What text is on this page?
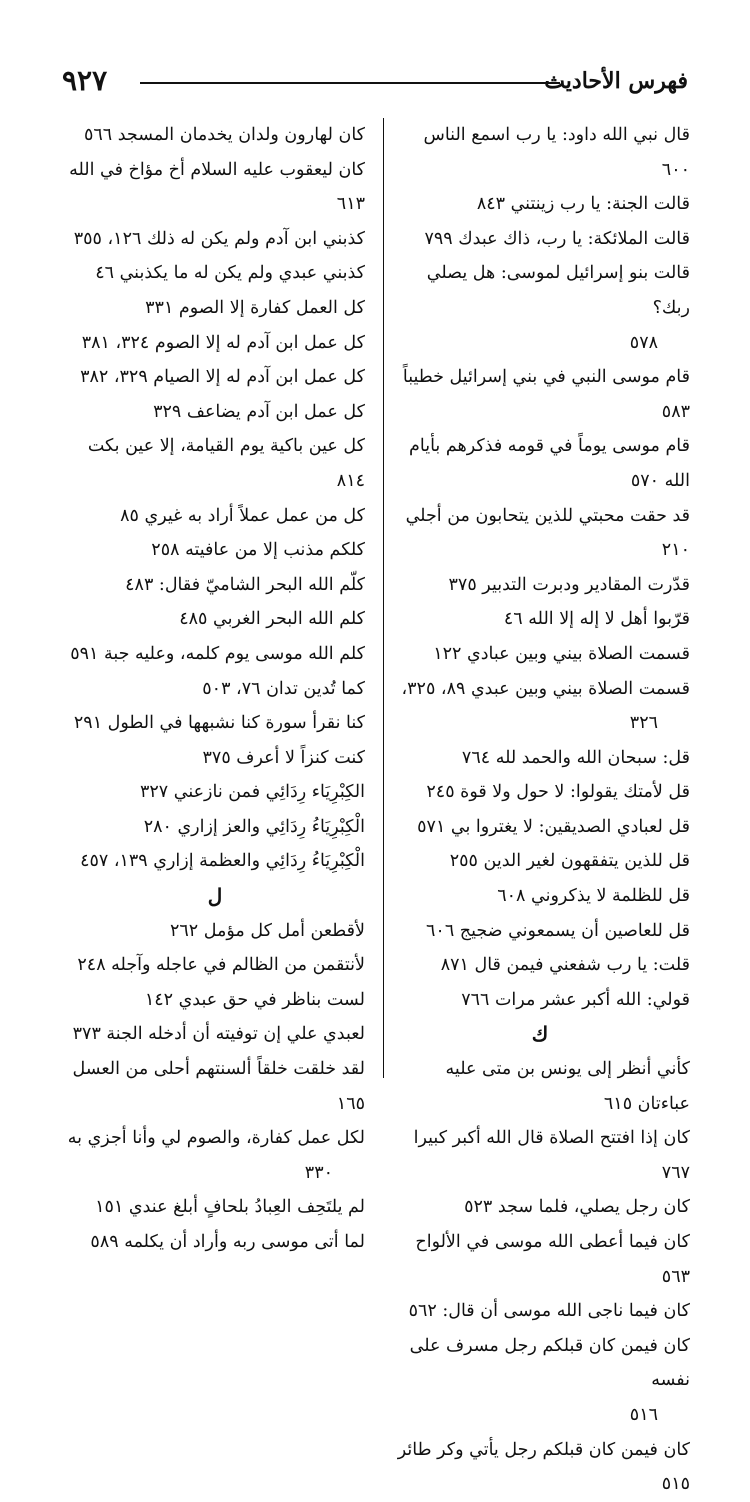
فهرس الأحاديث
٩٢٧
قال نبي الله داود: يا رب اسمع الناس ٦٠٠
قالت الجنة: يا رب زينتني ٨٤٣
قالت الملائكة: يا رب، ذاك عبدك ٧٩٩
قالت بنو إسرائيل لموسى: هل يصلي ربك؟
٥٧٨
قام موسى النبي في بني إسرائيل خطيباً ٥٨٣
قام موسى يوماً في قومه فذكرهم بأيام الله ٥٧٠
قد حقت محبتي للذين يتحابون من أجلي ٢١٠
قدّرت المقادير ودبرت التدبير ٣٧٥
قرّبوا أهل لا إله إلا الله ٤٦
قسمت الصلاة بيني وبين عبادي ١٢٢
قسمت الصلاة بيني وبين عبدي ٨٩، ٣٢٥،
٣٢٦
قل: سبحان الله والحمد لله ٧٦٤
قل لأمتك يقولوا: لا حول ولا قوة ٢٤٥
قل لعبادي الصديقين: لا يغتروا بي ٥٧١
قل للذين يتفقهون لغير الدين ٢٥٥
قل للظلمة لا يذكروني ٦٠٨
قل للعاصين أن يسمعوني ضجيج ٦٠٦
قلت: يا رب شفعني فيمن قال ٨٧١
قولي: الله أكبر عشر مرات ٧٦٦
ك
كأني أنظر إلى يونس بن متى عليه عباءتان ٦١٥
كان إذا افتتح الصلاة قال الله أكبر كبيرا ٧٦٧
كان رجل يصلي، فلما سجد ٥٢٣
كان فيما أعطى الله موسى في الألواح ٥٦٣
كان فيما ناجى الله موسى أن قال: ٥٦٢
كان فيمن كان قبلكم رجل مسرف على نفسه
٥١٦
كان فيمن كان قبلكم رجل يأتي وكر طائر ٥١٥
كان لهارون ولدان يخدمان المسجد ٥٦٦
كان ليعقوب عليه السلام أخ مؤاخ في الله ٦١٣
كذبني ابن آدم ولم يكن له ذلك ١٢٦، ٣٥٥
كذبني عبدي ولم يكن له ما يكذبني ٤٦
كل العمل كفارة إلا الصوم ٣٣١
كل عمل ابن آدم له إلا الصوم ٣٢٤، ٣٨١
كل عمل ابن آدم له إلا الصيام ٣٢٩، ٣٨٢
كل عمل ابن آدم يضاعف ٣٢٩
كل عين باكية يوم القيامة، إلا عين بكت ٨١٤
كل من عمل عملاً أراد به غيري ٨٥
كلكم مذنب إلا من عافيته ٢٥٨
كلّم الله البحر الشاميّ فقال: ٤٨٣
كلم الله البحر الغربي ٤٨٥
كلم الله موسى يوم كلمه، وعليه جبة ٥٩١
كما تُدين تدان ٧٦، ٥٠٣
كنا نقرأ سورة كنا نشبهها في الطول ٢٩١
كنت كنزاً لا أعرف ٣٧٥
الكِبْرِيَاء رِدَائِي فمن نازعني ٣٢٧
الْكِبْرِيَاءُ رِدَائِي والعز إزاري ٢٨٠
الْكِبْرِيَاءُ رِدَائِي والعظمة إزاري ١٣٩، ٤٥٧
ل
لأقطعن أمل كل مؤمل ٢٦٢
لأنتقمن من الظالم في عاجله وآجله ٢٤٨
لست بناظر في حق عبدي ١٤٢
لعبدي علي إن توفيته أن أدخله الجنة ٣٧٣
لقد خلقت خلقاً ألسنتهم أحلى من العسل ١٦٥
لكل عمل كفارة، والصوم لي وأنا أجزي به
٣٣٠
لم يلتَحِف العِبادُ بلحافٍ أبلغ عندي ١٥١
لما أتى موسى ربه وأراد أن يكلمه ٥٨٩
